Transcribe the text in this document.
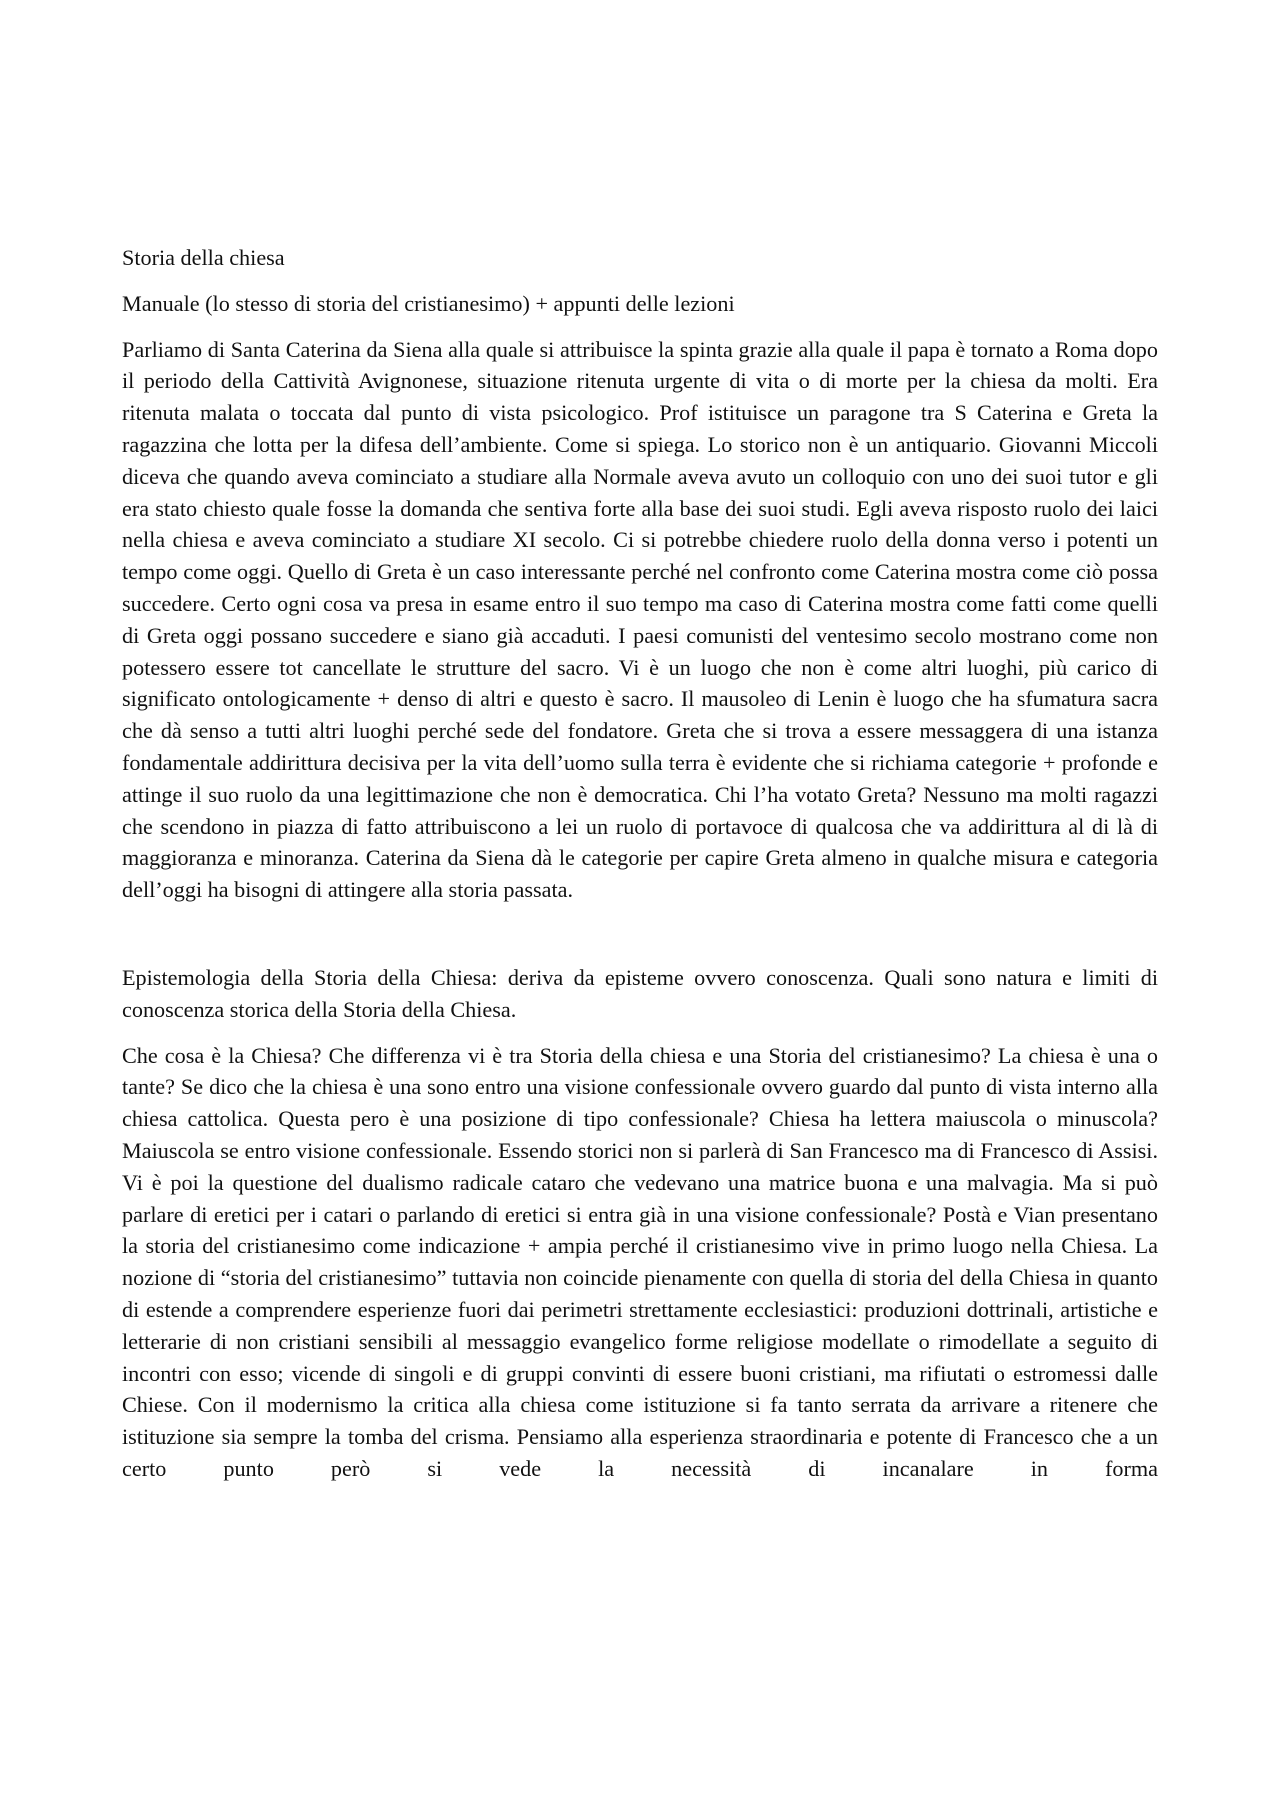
Storia della chiesa

Manuale (lo stesso di storia del cristianesimo) + appunti delle lezioni

Parliamo di Santa Caterina da Siena alla quale si attribuisce la spinta grazie alla quale il papa è tornato a Roma dopo il periodo della Cattività Avignonese, situazione ritenuta urgente di vita o di morte per la chiesa da molti. Era ritenuta malata o toccata dal punto di vista psicologico. Prof istituisce un paragone tra S Caterina e Greta la ragazzina che lotta per la difesa dell’ambiente. Come si spiega. Lo storico non è un antiquario. Giovanni Miccoli diceva che quando aveva cominciato a studiare alla Normale aveva avuto un colloquio con uno dei suoi tutor e gli era stato chiesto quale fosse la domanda che sentiva forte alla base dei suoi studi. Egli aveva risposto ruolo dei laici nella chiesa e aveva cominciato a studiare XI secolo. Ci si potrebbe chiedere ruolo della donna verso i potenti un tempo come oggi. Quello di Greta è un caso interessante perché nel confronto come Caterina mostra come ciò possa succedere. Certo ogni cosa va presa in esame entro il suo tempo ma caso di Caterina mostra come fatti come quelli di Greta oggi possano succedere e siano già accaduti. I paesi comunisti del ventesimo secolo mostrano come non potessero essere tot cancellate le strutture del sacro. Vi è un luogo che non è come altri luoghi, più carico di significato ontologicamente + denso di altri e questo è sacro. Il mausoleo di Lenin è luogo che ha sfumatura sacra che dà senso a tutti altri luoghi perché sede del fondatore. Greta che si trova a essere messaggera di una istanza fondamentale addirittura decisiva per la vita dell’uomo sulla terra è evidente che si richiama categorie + profonde e attinge il suo ruolo da una legittimazione che non è democratica. Chi l’ha votato Greta? Nessuno ma molti ragazzi che scendono in piazza di fatto attribuiscono a lei un ruolo di portavoce di qualcosa che va addirittura al di là di maggioranza e minoranza. Caterina da Siena dà le categorie per capire Greta almeno in qualche misura e categoria dell’oggi ha bisogni di attingere alla storia passata.

Epistemologia della Storia della Chiesa: deriva da episteme ovvero conoscenza. Quali sono natura e limiti di conoscenza storica della Storia della Chiesa.

Che cosa è la Chiesa? Che differenza vi è tra Storia della chiesa e una Storia del cristianesimo? La chiesa è una o tante? Se dico che la chiesa è una sono entro una visione confessionale ovvero guardo dal punto di vista interno alla chiesa cattolica. Questa pero è una posizione di tipo confessionale? Chiesa ha lettera maiuscola o minuscola? Maiuscola se entro visione confessionale. Essendo storici non si parlerà di San Francesco ma di Francesco di Assisi. Vi è poi la questione del dualismo radicale cataro che vedevano una matrice buona e una malvagia. Ma si può parlare di eretici per i catari o parlando di eretici si entra già in una visione confessionale? Postà e Vian presentano la storia del cristianesimo come indicazione + ampia perché il cristianesimo vive in primo luogo nella Chiesa. La nozione di “storia del cristianesimo” tuttavia non coincide pienamente con quella di storia del della Chiesa in quanto di estende a comprendere esperienze fuori dai perimetri strettamente ecclesiastici: produzioni dottrinali, artistiche e letterarie di non cristiani sensibili al messaggio evangelico forme religiose modellate o rimodellate a seguito di incontri con esso; vicende di singoli e di gruppi convinti di essere buoni cristiani, ma rifiutati o estromessi dalle Chiese. Con il modernismo la critica alla chiesa come istituzione si fa tanto serrata da arrivare a ritenere che istituzione sia sempre la tomba del crisma. Pensiamo alla esperienza straordinaria e potente di Francesco che a un certo punto però si vede la necessità di incanalare in forma
